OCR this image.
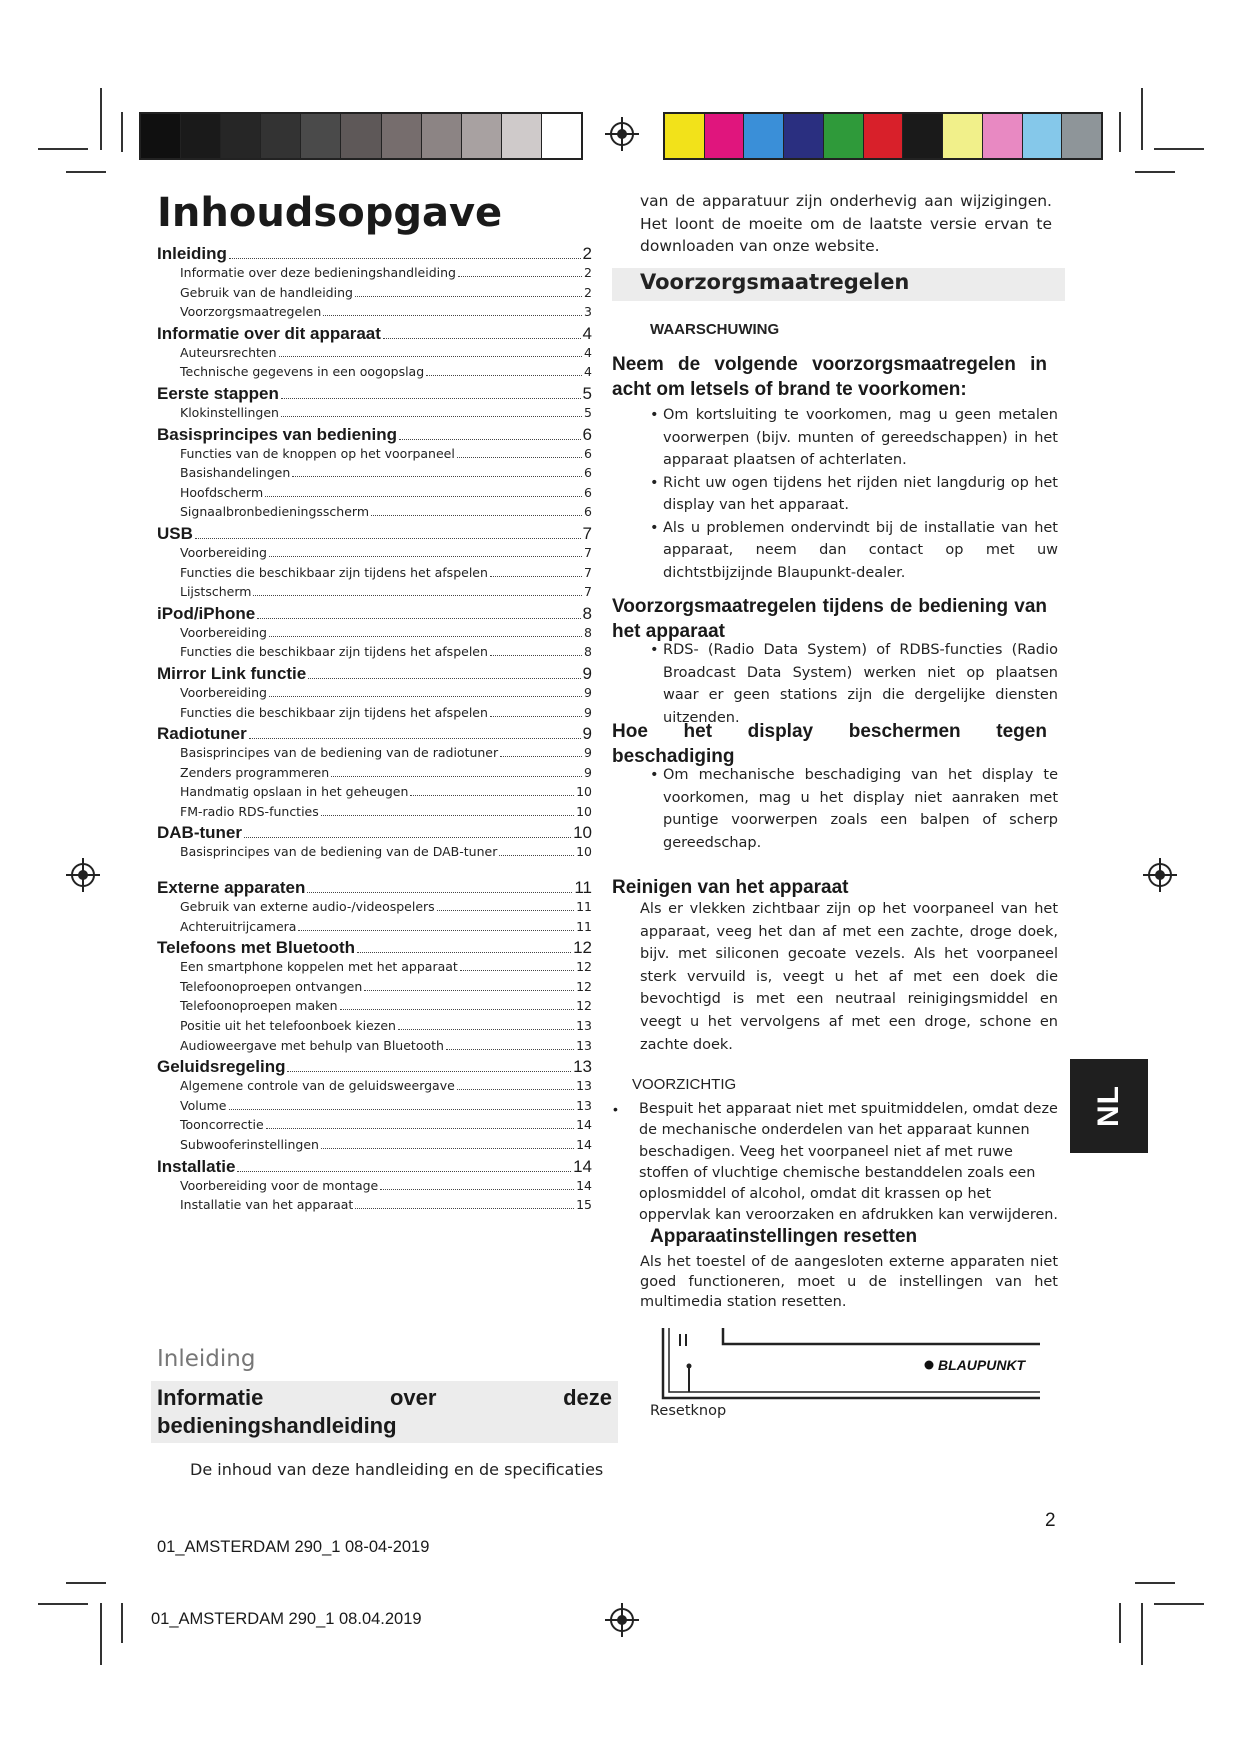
Inhoudsopgave
Inleiding	2
Informatie over deze bedieningshandleiding	2
Gebruik van de handleiding	2
Voorzorgsmaatregelen	3
Informatie over dit apparaat	4
Auteursrechten	4
Technische gegevens in een oogopslag	4
Eerste stappen	5
Klokinstellingen	5
Basisprincipes van bediening	6
Functies van de knoppen op het voorpaneel	6
Basishandelingen	6
Hoofdscherm	6
Signaalbronbedieningsscherm	6
USB	7
Voorbereiding	7
Functies die beschikbaar zijn tijdens het afspelen	7
Lijstscherm	7
iPod/iPhone	8
Voorbereiding	8
Functies die beschikbaar zijn tijdens het afspelen	8
Mirror Link functie	9
Voorbereiding	9
Functies die beschikbaar zijn tijdens het afspelen	9
Radiotuner	9
Basisprincipes van de bediening van de radiotuner	9
Zenders programmeren	9
Handmatig opslaan in het geheugen	10
FM-radio RDS-functies	10
DAB-tuner	10
Basisprincipes van de bediening van de DAB-tuner	10
Externe apparaten	11
Gebruik van externe audio-/videospelers	11
Achteruitrijcamera	11
Telefoons met Bluetooth	12
Een smartphone koppelen met het apparaat	12
Telefoonoproepen ontvangen	12
Telefoonoproepen maken	12
Positie uit het telefoonboek kiezen	13
Audioweergave met behulp van Bluetooth	13
Geluidsregeling	13
Algemene controle van de geluidsweergave	13
Volume	13
Tooncorrectie	14
Subwooferinstellingen	14
Installatie	14
Voorbereiding voor de montage	14
Installatie van het apparaat	15
Inleiding
Informatie	over	deze
bedieningshandleiding
De inhoud van deze handleiding en de specificaties
van de apparatuur zijn onderhevig aan wijzigingen. Het loont de moeite om de laatste versie ervan te downloaden van onze website.
Voorzorgsmaatregelen
WAARSCHUWING
Neem de volgende voorzorgsmaatregelen in acht om letsels of brand te voorkomen:
• Om kortsluiting te voorkomen, mag u geen metalen voorwerpen (bijv. munten of gereedschappen) in het apparaat plaatsen of achterlaten.
• Richt uw ogen tijdens het rijden niet langdurig op het display van het apparaat.
• Als u problemen ondervindt bij de installatie van het apparaat, neem dan contact op met uw dichtstbijzijnde Blaupunkt-dealer.
Voorzorgsmaatregelen tijdens de bediening van het apparaat
• RDS- (Radio Data System) of RDBS-functies (Radio Broadcast Data System) werken niet op plaatsen waar er geen stations zijn die dergelijke diensten uitzenden.
Hoe het display beschermen tegen
beschadiging
• Om mechanische beschadiging van het display te voorkomen, mag u het display niet aanraken met puntige voorwerpen zoals een balpen of scherp gereedschap.
Reinigen van het apparaat
Als er vlekken zichtbaar zijn op het voorpaneel van het apparaat, veeg het dan af met een zachte, droge doek, bijv. met siliconen gecoate vezels. Als het voorpaneel sterk vervuild is, veegt u het af met een doek die bevochtigd is met een neutraal reinigingsmiddel en veegt u het vervolgens af met een droge, schone en zachte doek.
VOORZICHTIG
• Bespuit het apparaat niet met spuitmiddelen, omdat deze de mechanische onderdelen van het apparaat kunnen beschadigen. Veeg het voorpaneel niet af met ruwe stoffen of vluchtige chemische bestanddelen zoals een oplosmiddel of alcohol, omdat dit krassen op het oppervlak kan veroorzaken en afdrukken kan verwijderen.
Apparaatinstellingen resetten
Als het toestel of de aangesloten externe apparaten niet goed functioneren, moet u de instellingen van het multimedia station resetten.
BLAUPUNKT
Resetknop
NL
2
01_AMSTERDAM 290_1 08-04-2019
01_AMSTERDAM 290_1 08.04.2019
